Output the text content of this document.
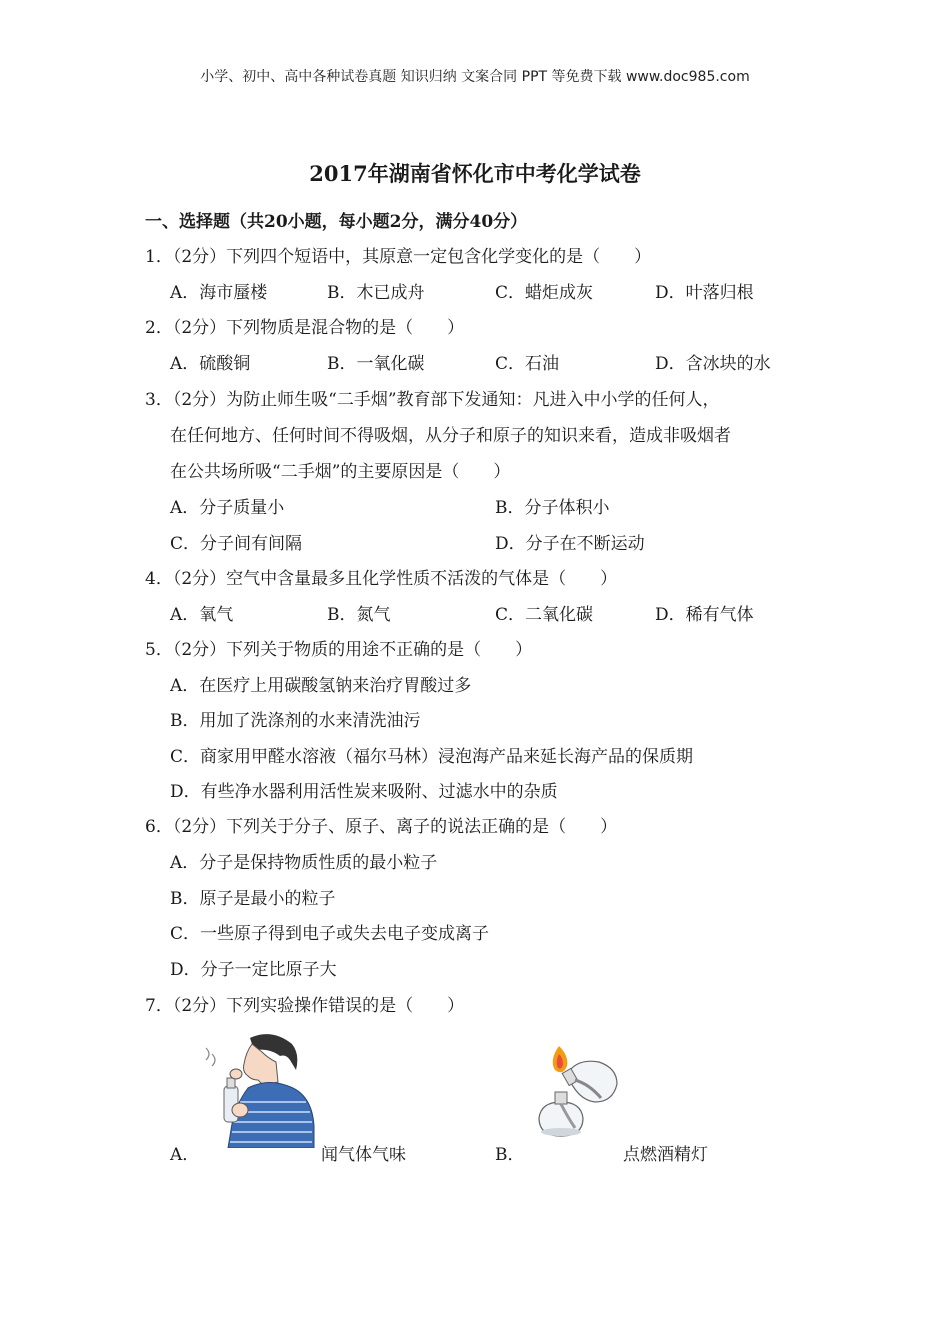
小学、初中、高中各种试卷真题 知识归纳 文案合同 PPT 等免费下载 www.doc985.com
2017年湖南省怀化市中考化学试卷
一、选择题（共20小题，每小题2分，满分40分）
1．（2分）下列四个短语中，其原意一定包含化学变化的是（　　）
A．海市蜃楼	B．木已成舟	C．蜡炬成灰	D．叶落归根
2．（2分）下列物质是混合物的是（　　）
A．硫酸铜	B．一氧化碳	C．石油	D．含冰块的水
3．（2分）为防止师生吸“二手烟”教育部下发通知：凡进入中小学的任何人，
在任何地方、任何时间不得吸烟，从分子和原子的知识来看，造成非吸烟者
在公共场所吸“二手烟”的主要原因是（　　）
A．分子质量小	B．分子体积小
C．分子间有间隔	D．分子在不断运动
4．（2分）空气中含量最多且化学性质不活泼的气体是（　　）
A．氧气	B．氮气	C．二氧化碳	D．稀有气体
5．（2分）下列关于物质的用途不正确的是（　　）
A．在医疗上用碳酸氢钠来治疗胃酸过多
B．用加了洗涤剂的水来清洗油污
C．商家用甲醛水溶液（福尔马林）浸泡海产品来延长海产品的保质期
D．有些净水器利用活性炭来吸附、过滤水中的杂质
6．（2分）下列关于分子、原子、离子的说法正确的是（　　）
A．分子是保持物质性质的最小粒子
B．原子是最小的粒子
C．一些原子得到电子或失去电子变成离子
D．分子一定比原子大
7．（2分）下列实验操作错误的是（　　）
A．	闻气体气味	B．	点燃酒精灯
